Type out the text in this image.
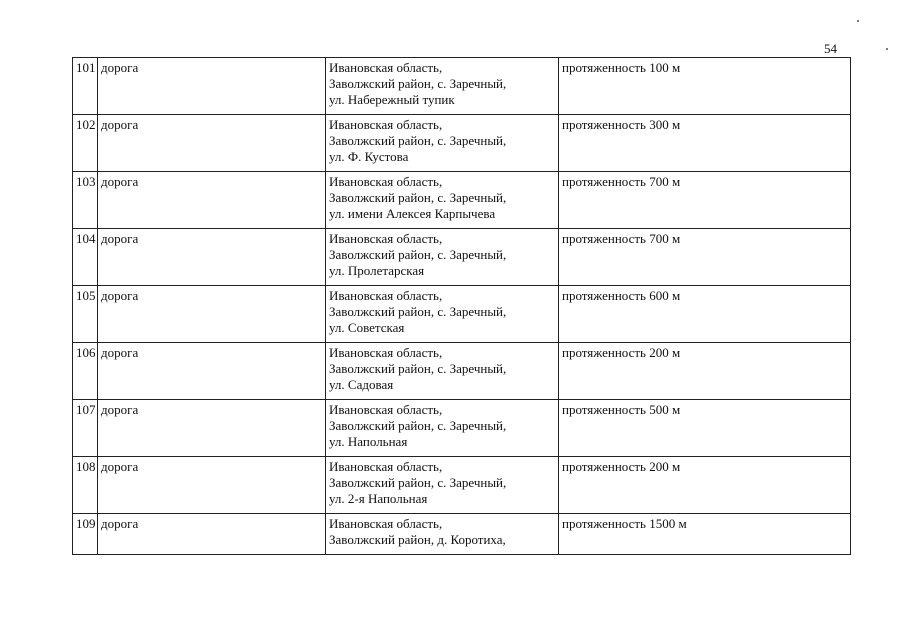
54
101	дорога	Ивановская область,
Заволжский район, с. Заречный,
ул. Набережный тупик	протяженность 100 м
102	дорога	Ивановская область,
Заволжский район, с. Заречный,
ул. Ф. Кустова	протяженность 300 м
103	дорога	Ивановская область,
Заволжский район, с. Заречный,
ул. имени Алексея Карпычева	протяженность 700 м
104	дорога	Ивановская область,
Заволжский район, с. Заречный,
ул. Пролетарская	протяженность 700 м
105	дорога	Ивановская область,
Заволжский район, с. Заречный,
ул. Советская	протяженность 600 м
106	дорога	Ивановская область,
Заволжский район, с. Заречный,
ул. Садовая	протяженность 200 м
107	дорога	Ивановская область,
Заволжский район, с. Заречный,
ул. Напольная	протяженность 500 м
108	дорога	Ивановская область,
Заволжский район, с. Заречный,
ул. 2-я Напольная	протяженность 200 м
109	дорога	Ивановская область,
Заволжский район, д. Коротиха,	протяженность 1500 м
